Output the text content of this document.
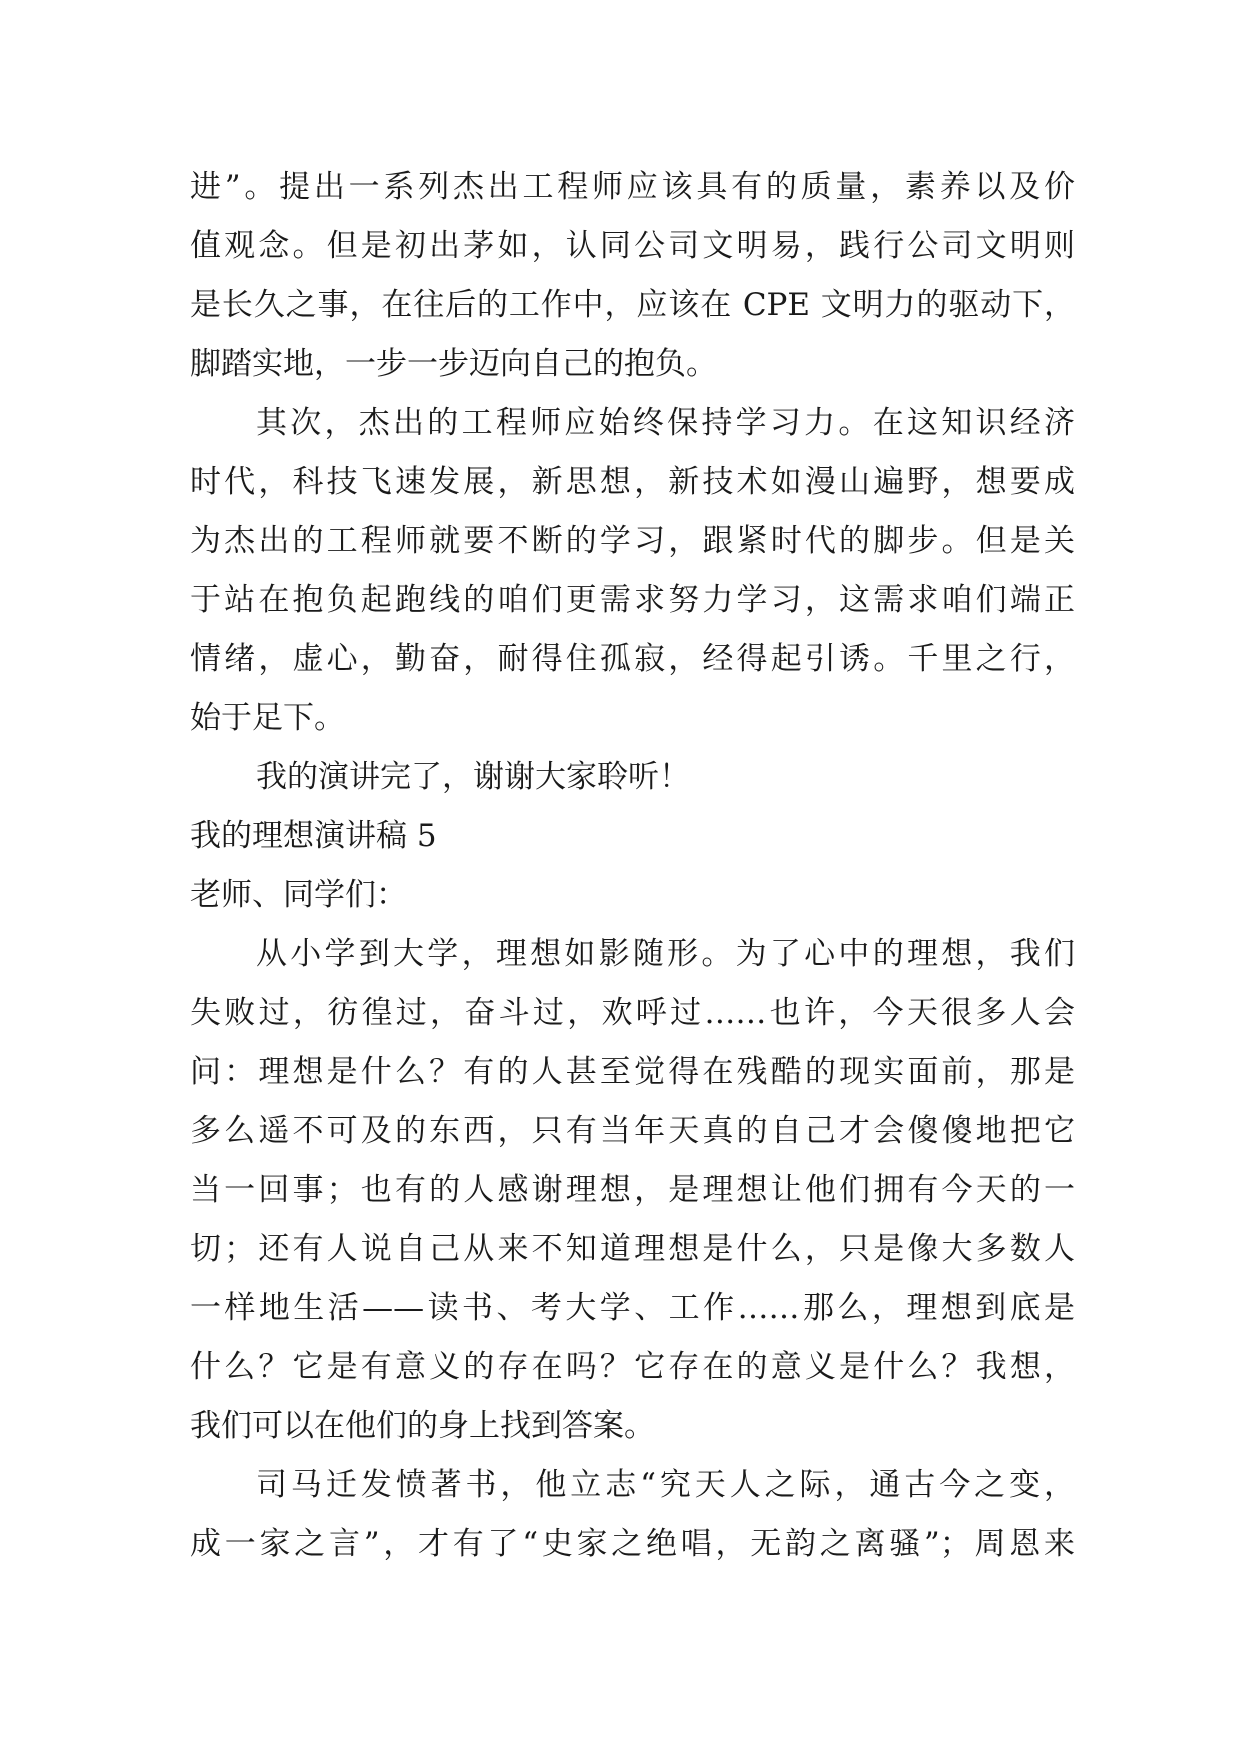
进”。提出一系列杰出工程师应该具有的质量，素养以及价
值观念。但是初出茅如，认同公司文明易，践行公司文明则
是长久之事，在往后的工作中，应该在 CPE 文明力的驱动下，
脚踏实地，一步一步迈向自己的抱负。
其次，杰出的工程师应始终保持学习力。在这知识经济
时代，科技飞速发展，新思想，新技术如漫山遍野，想要成
为杰出的工程师就要不断的学习，跟紧时代的脚步。但是关
于站在抱负起跑线的咱们更需求努力学习，这需求咱们端正
情绪，虚心，勤奋，耐得住孤寂，经得起引诱。千里之行，
始于足下。
我的演讲完了，谢谢大家聆听！
我的理想演讲稿 5
老师、同学们：
从小学到大学，理想如影随形。为了心中的理想，我们
失败过，彷徨过，奋斗过，欢呼过……也许，今天很多人会
问：理想是什么？有的人甚至觉得在残酷的现实面前，那是
多么遥不可及的东西，只有当年天真的自己才会傻傻地把它
当一回事；也有的人感谢理想，是理想让他们拥有今天的一
切；还有人说自己从来不知道理想是什么，只是像大多数人
一样地生活——读书、考大学、工作……那么，理想到底是
什么？它是有意义的存在吗？它存在的意义是什么？我想，
我们可以在他们的身上找到答案。
司马迁发愤著书，他立志“究天人之际，通古今之变，
成一家之言”，才有了“史家之绝唱，无韵之离骚”；周恩来
